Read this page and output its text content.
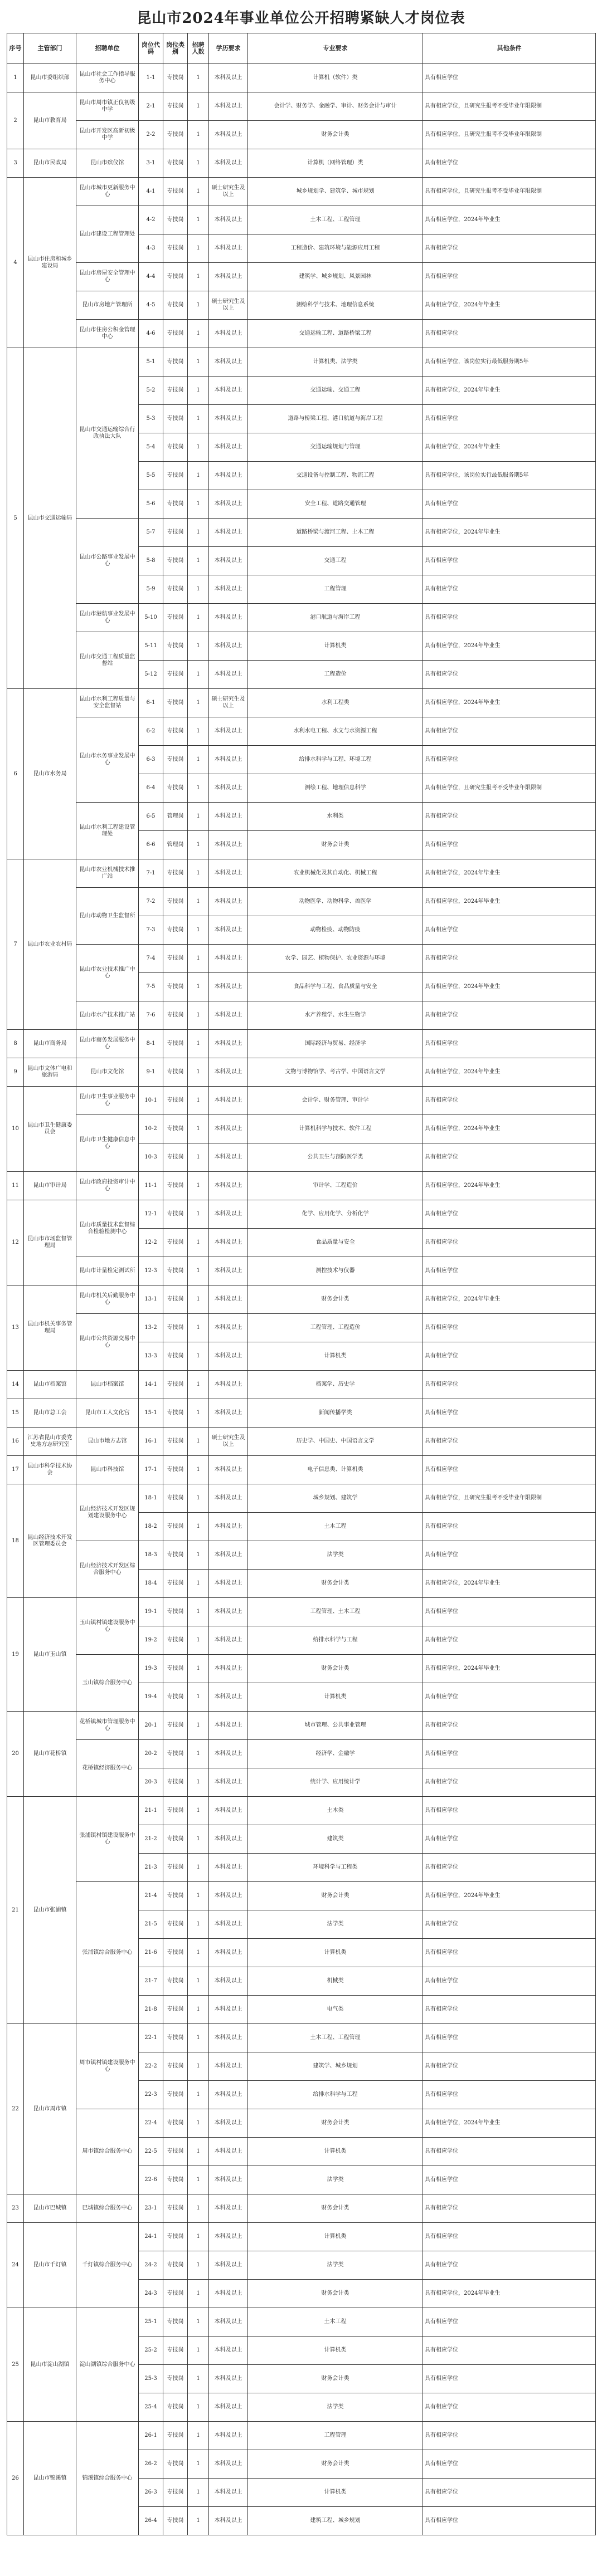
昆山市2024年事业单位公开招聘紧缺人才岗位表
序号	主管部门	招聘单位	岗位代码	岗位类别	招聘人数	学历要求	专业要求	其他条件
1	昆山市委组织部	昆山市社会工作指导服务中心	1-1	专技岗	1	本科及以上	计算机（软件）类	具有相应学位
2	昆山市教育局	昆山市周市镇正仪初级中学	2-1	专技岗	1	本科及以上	会计学、财务学、金融学、审计、财务会计与审计	具有相应学位，且研究生报考不受毕业年限限制
		昆山市开发区高新初级中学	2-2	专技岗	1	本科及以上	财务会计类	具有相应学位，且研究生报考不受毕业年限限制
3	昆山市民政局	昆山市殡仪馆	3-1	专技岗	1	本科及以上	计算机（网络管理）类	具有相应学位
4	昆山市住房和城乡建设局	昆山市城市更新服务中心	4-1	专技岗	1	硕士研究生及以上	城乡规划学、建筑学、城市规划	具有相应学位，且研究生报考不受毕业年限限制
		昆山市建设工程管理处	4-2	专技岗	1	本科及以上	土木工程、工程管理	具有相应学位，2024年毕业生
			4-3	专技岗	1	本科及以上	工程造价、建筑环境与能源应用工程	具有相应学位
		昆山市房屋安全管理中心	4-4	专技岗	1	本科及以上	建筑学、城乡规划、风景园林	具有相应学位
		昆山市房地产管理所	4-5	专技岗	1	硕士研究生及以上	测绘科学与技术、地理信息系统	具有相应学位，2024年毕业生
		昆山市住房公积金管理中心	4-6	专技岗	1	本科及以上	交通运输工程、道路桥梁工程	具有相应学位
5	昆山市交通运输局	昆山市交通运输综合行政执法大队	5-1	专技岗	1	本科及以上	计算机类、法学类	具有相应学位，该岗位实行最低服务期5年
			5-2	专技岗	1	本科及以上	交通运输、交通工程	具有相应学位，2024年毕业生
			5-3	专技岗	1	本科及以上	道路与桥梁工程、港口航道与海岸工程	具有相应学位
			5-4	专技岗	1	本科及以上	交通运输规划与管理	具有相应学位，2024年毕业生
			5-5	专技岗	1	本科及以上	交通设备与控制工程、物流工程	具有相应学位，该岗位实行最低服务期5年
			5-6	专技岗	1	本科及以上	安全工程、道路交通管理	具有相应学位
		昆山市公路事业发展中心	5-7	专技岗	1	本科及以上	道路桥梁与渡河工程、土木工程	具有相应学位，2024年毕业生
			5-8	专技岗	1	本科及以上	交通工程	具有相应学位
			5-9	专技岗	1	本科及以上	工程管理	具有相应学位
		昆山市港航事业发展中心	5-10	专技岗	1	本科及以上	港口航道与海岸工程	具有相应学位
		昆山市交通工程质量监督站	5-11	专技岗	1	本科及以上	计算机类	具有相应学位，2024年毕业生
			5-12	专技岗	1	本科及以上	工程造价	具有相应学位
6	昆山市水务局	昆山市水利工程质量与安全监督站	6-1	专技岗	1	硕士研究生及以上	水利工程类	具有相应学位，2024年毕业生
		昆山市水务事业发展中心	6-2	专技岗	1	本科及以上	水利水电工程、水文与水资源工程	具有相应学位
			6-3	专技岗	1	本科及以上	给排水科学与工程、环境工程	具有相应学位
			6-4	专技岗	1	本科及以上	测绘工程、地理信息科学	具有相应学位，且研究生报考不受毕业年限限制
		昆山市水利工程建设管理处	6-5	管理岗	1	本科及以上	水利类	具有相应学位
			6-6	管理岗	1	本科及以上	财务会计类	具有相应学位
7	昆山市农业农村局	昆山市农业机械技术推广站	7-1	专技岗	1	本科及以上	农业机械化及其自动化、机械工程	具有相应学位，2024年毕业生
		昆山市动物卫生监督所	7-2	专技岗	1	本科及以上	动物医学、动物科学、兽医学	具有相应学位，2024年毕业生
			7-3	专技岗	1	本科及以上	动物检疫、动物防疫	具有相应学位
		昆山市农业技术推广中心	7-4	专技岗	1	本科及以上	农学、园艺、植物保护、农业资源与环境	具有相应学位
			7-5	专技岗	1	本科及以上	食品科学与工程、食品质量与安全	具有相应学位，2024年毕业生
		昆山市水产技术推广站	7-6	专技岗	1	本科及以上	水产养殖学、水生生物学	具有相应学位
8	昆山市商务局	昆山市商务发展服务中心	8-1	专技岗	1	本科及以上	国际经济与贸易、经济学	具有相应学位
9	昆山市文体广电和旅游局	昆山市文化馆	9-1	专技岗	1	本科及以上	文物与博物馆学、考古学、中国语言文学	具有相应学位，2024年毕业生
10	昆山市卫生健康委员会	昆山市卫生事业服务中心	10-1	专技岗	1	本科及以上	会计学、财务管理、审计学	具有相应学位
		昆山市卫生健康信息中心	10-2	专技岗	1	本科及以上	计算机科学与技术、软件工程	具有相应学位，2024年毕业生
			10-3	专技岗	1	本科及以上	公共卫生与预防医学类	具有相应学位
11	昆山市审计局	昆山市政府投资审计中心	11-1	专技岗	1	本科及以上	审计学、工程造价	具有相应学位，2024年毕业生
12	昆山市市场监督管理局	昆山市质量技术监督综合检验检测中心	12-1	专技岗	1	本科及以上	化学、应用化学、分析化学	具有相应学位
			12-2	专技岗	1	本科及以上	食品质量与安全	具有相应学位
		昆山市计量检定测试所	12-3	专技岗	1	本科及以上	测控技术与仪器	具有相应学位
13	昆山市机关事务管理局	昆山市机关后勤服务中心	13-1	专技岗	1	本科及以上	财务会计类	具有相应学位，2024年毕业生
		昆山市公共资源交易中心	13-2	专技岗	1	本科及以上	工程管理、工程造价	具有相应学位
			13-3	专技岗	1	本科及以上	计算机类	具有相应学位
14	昆山市档案馆	昆山市档案馆	14-1	专技岗	1	本科及以上	档案学、历史学	具有相应学位
15	昆山市总工会	昆山市工人文化宫	15-1	专技岗	1	本科及以上	新闻传播学类	具有相应学位
16	江苏省昆山市委党史地方志研究室	昆山市地方志馆	16-1	专技岗	1	硕士研究生及以上	历史学、中国史、中国语言文学	具有相应学位
17	昆山市科学技术协会	昆山市科技馆	17-1	专技岗	1	本科及以上	电子信息类、计算机类	具有相应学位
18	昆山经济技术开发区管理委员会	昆山经济技术开发区规划建设服务中心	18-1	专技岗	1	本科及以上	城乡规划、建筑学	具有相应学位，且研究生报考不受毕业年限限制
			18-2	专技岗	1	本科及以上	土木工程	具有相应学位
		昆山经济技术开发区综合服务中心	18-3	专技岗	1	本科及以上	法学类	具有相应学位
			18-4	专技岗	1	本科及以上	财务会计类	具有相应学位，2024年毕业生
19	昆山市玉山镇	玉山镇村镇建设服务中心	19-1	专技岗	1	本科及以上	工程管理、土木工程	具有相应学位
			19-2	专技岗	1	本科及以上	给排水科学与工程	具有相应学位
		玉山镇综合服务中心	19-3	专技岗	1	本科及以上	财务会计类	具有相应学位，2024年毕业生
			19-4	专技岗	1	本科及以上	计算机类	具有相应学位
20	昆山市花桥镇	花桥镇城市管理服务中心	20-1	专技岗	1	本科及以上	城市管理、公共事业管理	具有相应学位
		花桥镇经济服务中心	20-2	专技岗	1	本科及以上	经济学、金融学	具有相应学位
			20-3	专技岗	1	本科及以上	统计学、应用统计学	具有相应学位
21	昆山市张浦镇	张浦镇村镇建设服务中心	21-1	专技岗	1	本科及以上	土木类	具有相应学位
			21-2	专技岗	1	本科及以上	建筑类	具有相应学位
			21-3	专技岗	1	本科及以上	环境科学与工程类	具有相应学位
		张浦镇综合服务中心	21-4	专技岗	1	本科及以上	财务会计类	具有相应学位，2024年毕业生
			21-5	专技岗	1	本科及以上	法学类	具有相应学位
			21-6	专技岗	1	本科及以上	计算机类	具有相应学位
			21-7	专技岗	1	本科及以上	机械类	具有相应学位
			21-8	专技岗	1	本科及以上	电气类	具有相应学位
22	昆山市周市镇	周市镇村镇建设服务中心	22-1	专技岗	1	本科及以上	土木工程、工程管理	具有相应学位
			22-2	专技岗	1	本科及以上	建筑学、城乡规划	具有相应学位
			22-3	专技岗	1	本科及以上	给排水科学与工程	具有相应学位
		周市镇综合服务中心	22-4	专技岗	1	本科及以上	财务会计类	具有相应学位，2024年毕业生
			22-5	专技岗	1	本科及以上	计算机类	具有相应学位
			22-6	专技岗	1	本科及以上	法学类	具有相应学位
23	昆山市巴城镇	巴城镇综合服务中心	23-1	专技岗	1	本科及以上	财务会计类	具有相应学位
24	昆山市千灯镇	千灯镇综合服务中心	24-1	专技岗	1	本科及以上	计算机类	具有相应学位
			24-2	专技岗	1	本科及以上	法学类	具有相应学位
			24-3	专技岗	1	本科及以上	财务会计类	具有相应学位，2024年毕业生
25	昆山市淀山湖镇	淀山湖镇综合服务中心	25-1	专技岗	1	本科及以上	土木工程	具有相应学位
			25-2	专技岗	1	本科及以上	计算机类	具有相应学位
			25-3	专技岗	1	本科及以上	财务会计类	具有相应学位
			25-4	专技岗	1	本科及以上	法学类	具有相应学位
26	昆山市锦溪镇	锦溪镇综合服务中心	26-1	专技岗	1	本科及以上	工程管理	具有相应学位
			26-2	专技岗	1	本科及以上	财务会计类	具有相应学位
			26-3	专技岗	1	本科及以上	计算机类	具有相应学位
			26-4	专技岗	1	本科及以上	建筑工程、城乡规划	具有相应学位
